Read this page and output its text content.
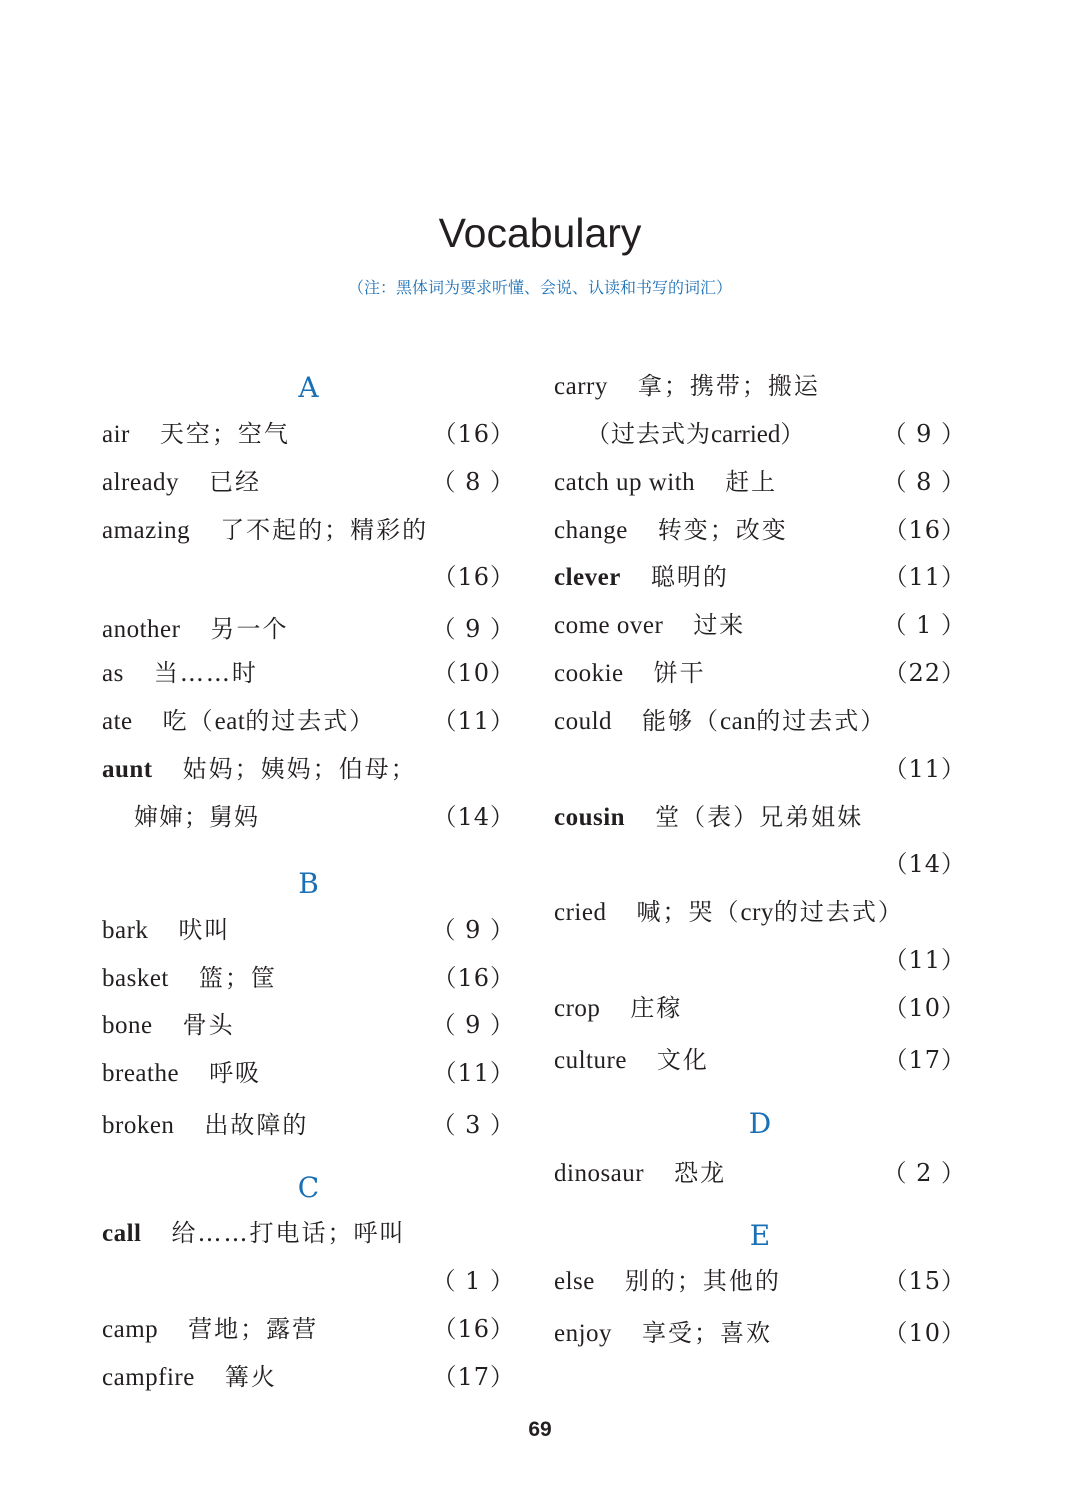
Vocabulary
（注：黑体词为要求听懂、会说、认读和书写的词汇）
A
air 天空；空气	（16）
already 已经	（ 8 ）
amazing 了不起的；精彩的
（16）
another 另一个	（ 9 ）
as 当……时	（10）
ate 吃（eat的过去式） （11）
aunt 姑妈；姨妈；伯母；
婶婶；舅妈	（14）
B
bark 吠叫	（ 9 ）
basket 篮；筐	（16）
bone 骨头	（ 9 ）
breathe 呼吸	（11）
broken 出故障的	（ 3 ）
C
call 给……打电话；呼叫
（ 1 ）
camp 营地；露营	（16）
campfire 篝火	（17）
carry 拿；携带；搬运
（过去式为carried）	（ 9 ）
catch up with 赶上	（ 8 ）
change 转变；改变	（16）
clever 聪明的	（11）
come over 过来	（ 1 ）
cookie 饼干	（22）
could 能够（can的过去式）
（11）
cousin 堂（表）兄弟姐妹
（14）
cried 喊；哭（cry的过去式）
（11）
crop 庄稼	（10）
culture 文化	（17）
D
dinosaur 恐龙	（ 2 ）
E
else 别的；其他的	（15）
enjoy 享受；喜欢	（10）
69
